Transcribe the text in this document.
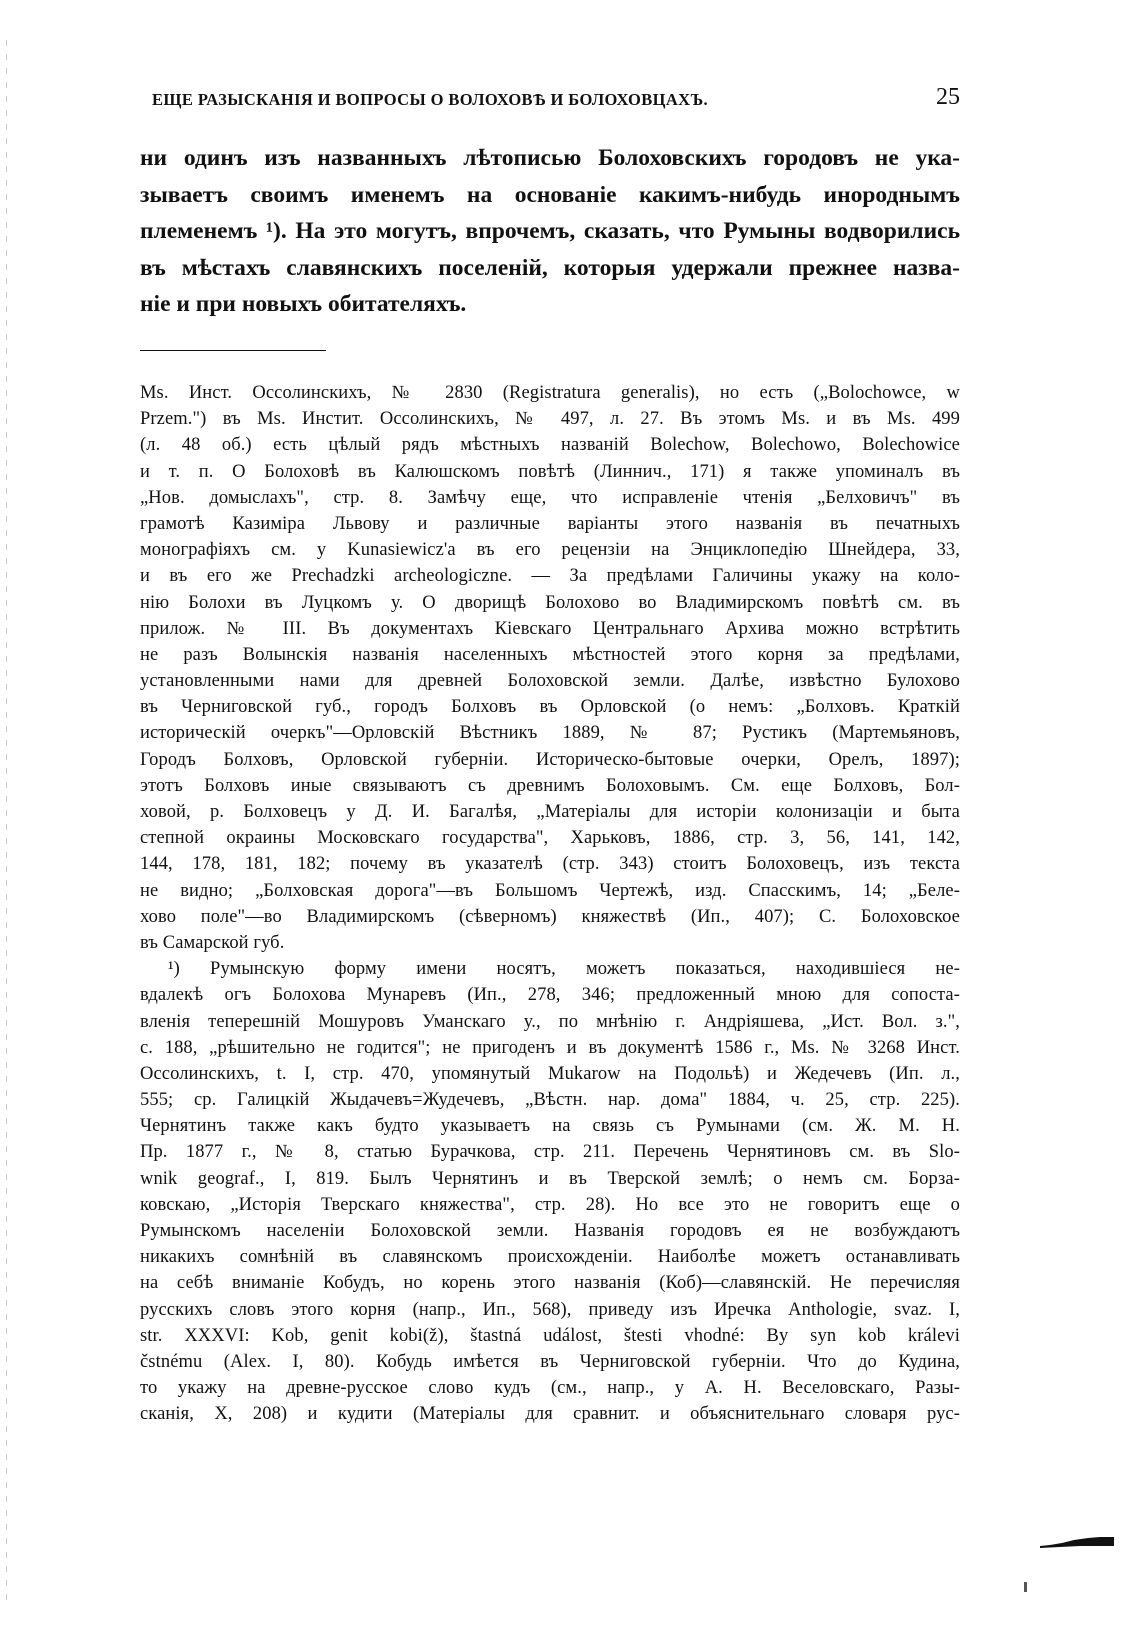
ЕЩЕ РАЗЫСКАНІЯ И ВОПРОСЫ О ВОЛОХОВѢ И БОЛОХОВЦАХЪ.	25
ни одинъ изъ названныхъ лѣтописью Болоховскихъ городовъ не ука-
зываетъ своимъ именемъ на основаніе какимъ-нибудь инороднымъ
племенемъ ¹). На это могутъ, впрочемъ, сказать, что Румыны водворились
въ мѣстахъ славянскихъ поселеній, которыя удержали прежнее назва-
ніе и при новыхъ обитателяхъ.
Ms. Инст. Оссолинскихъ, № 2830 (Registratura generalis), но есть („Bolochowce, w
Przem.") въ Ms. Инстит. Оссолинскихъ, № 497, л. 27. Въ этомъ Ms. и въ Ms. 499
(л. 48 об.) есть цѣлый рядъ мѣстныхъ названій Bolechow, Bolechowo, Bolechowice
и т. п. О Болоховѣ въ Калюшскомъ повѣтѣ (Линнич., 171) я также упоминалъ въ
„Нов. домыслахъ", стр. 8. Замѣчу еще, что исправленіе чтенія „Белховичъ" въ
грамотѣ Казиміра Львову и различные варіанты этого названія въ печатныхъ
монографіяхъ см. у Kunasiewicz'а въ его рецензіи на Энциклопедію Шнейдера, 33,
и въ его же Prechadzki archeologiczne. — За предѣлами Галичины укажу на коло-
нію Болохи въ Луцкомъ у. О дворищѣ Болохово во Владимирскомъ повѣтѣ см. въ
прилож. № III. Въ документахъ Кіевскаго Центральнаго Архива можно встрѣтить
не разъ Волынскія названія населенныхъ мѣстностей этого корня за предѣлами,
установленными нами для древней Болоховской земли. Далѣе, извѣстно Булохово
въ Черниговской губ., городъ Болховъ въ Орловской (о немъ: „Болховъ. Краткій
историческій очеркъ"—Орловскій Вѣстникъ 1889, № 87; Рустикъ (Мартемьяновъ,
Городъ Болховъ, Орловской губерніи. Историческо-бытовые очерки, Орелъ, 1897);
этотъ Болховъ иные связываютъ съ древнимъ Болоховымъ. См. еще Болховъ, Бол-
ховой, р. Болховецъ у Д. И. Багалѣя, „Матеріалы для исторіи колонизаціи и быта
степной окраины Московскаго государства", Харьковъ, 1886, стр. 3, 56, 141, 142,
144, 178, 181, 182; почему въ указателѣ (стр. 343) стоитъ Болоховецъ, изъ текста
не видно; „Болховская дорога"—въ Большомъ Чертежѣ, изд. Спасскимъ, 14; „Беле-
хово поле"—во Владимирскомъ (сѣверномъ) княжествѣ (Ип., 407); С. Болоховское
въ Самарской губ.
¹) Румынскую форму имени носятъ, можетъ показаться, находившіеся не-
вдалекѣ огъ Болохова Мунаревъ (Ип., 278, 346; предложенный мною для сопоста-
вленія теперешній Мошуровъ Уманскаго у., по мнѣнію г. Андріяшева, „Ист. Вол. з.",
с. 188, „рѣшительно не годится"; не пригоденъ и въ документѣ 1586 г., Ms. № 3268 Инст.
Оссолинскихъ, t. I, стр. 470, упомянутый Mukarow на Подольѣ) и Жедечевъ (Ип. л.,
555; ср. Галицкій Жыдачевъ=Жудечевъ, „Вѣстн. нар. дома" 1884, ч. 25, стр. 225).
Чернятинъ также какъ будто указываетъ на связь съ Румынами (см. Ж. М. Н.
Пр. 1877 г., № 8, статью Бурачкова, стр. 211. Перечень Чернятиновъ см. въ Slo-
wnik geograf., I, 819. Былъ Чернятинъ и въ Тверской землѣ; о немъ см. Борза-
ковскаю, „Исторія Тверскаго княжества", стр. 28). Но все это не говоритъ еще о
Румынскомъ населеніи Болоховской земли. Названія городовъ ея не возбуждаютъ
никакихъ сомнѣній въ славянскомъ происхожденіи. Наиболѣе можетъ останавливать
на себѣ вниманіе Кобудъ, но корень этого названія (Коб)—славянскій. Не перечисляя
русскихъ словъ этого корня (напр., Ип., 568), приведу изъ Иречка Anthologie, svaz. I,
str. XXXVI: Kob, genit kobi(ž), štastná událost, štesti vhodné: By syn kob králevi
čstnému (Alex. I, 80). Кобудь имѣется въ Черниговской губерніи. Что до Кудина,
то укажу на древне-русское слово кудъ (см., напр., у А. Н. Веселовскаго, Разы-
сканія, X, 208) и кудити (Матеріалы для сравнит. и объяснительнаго словаря рус-
